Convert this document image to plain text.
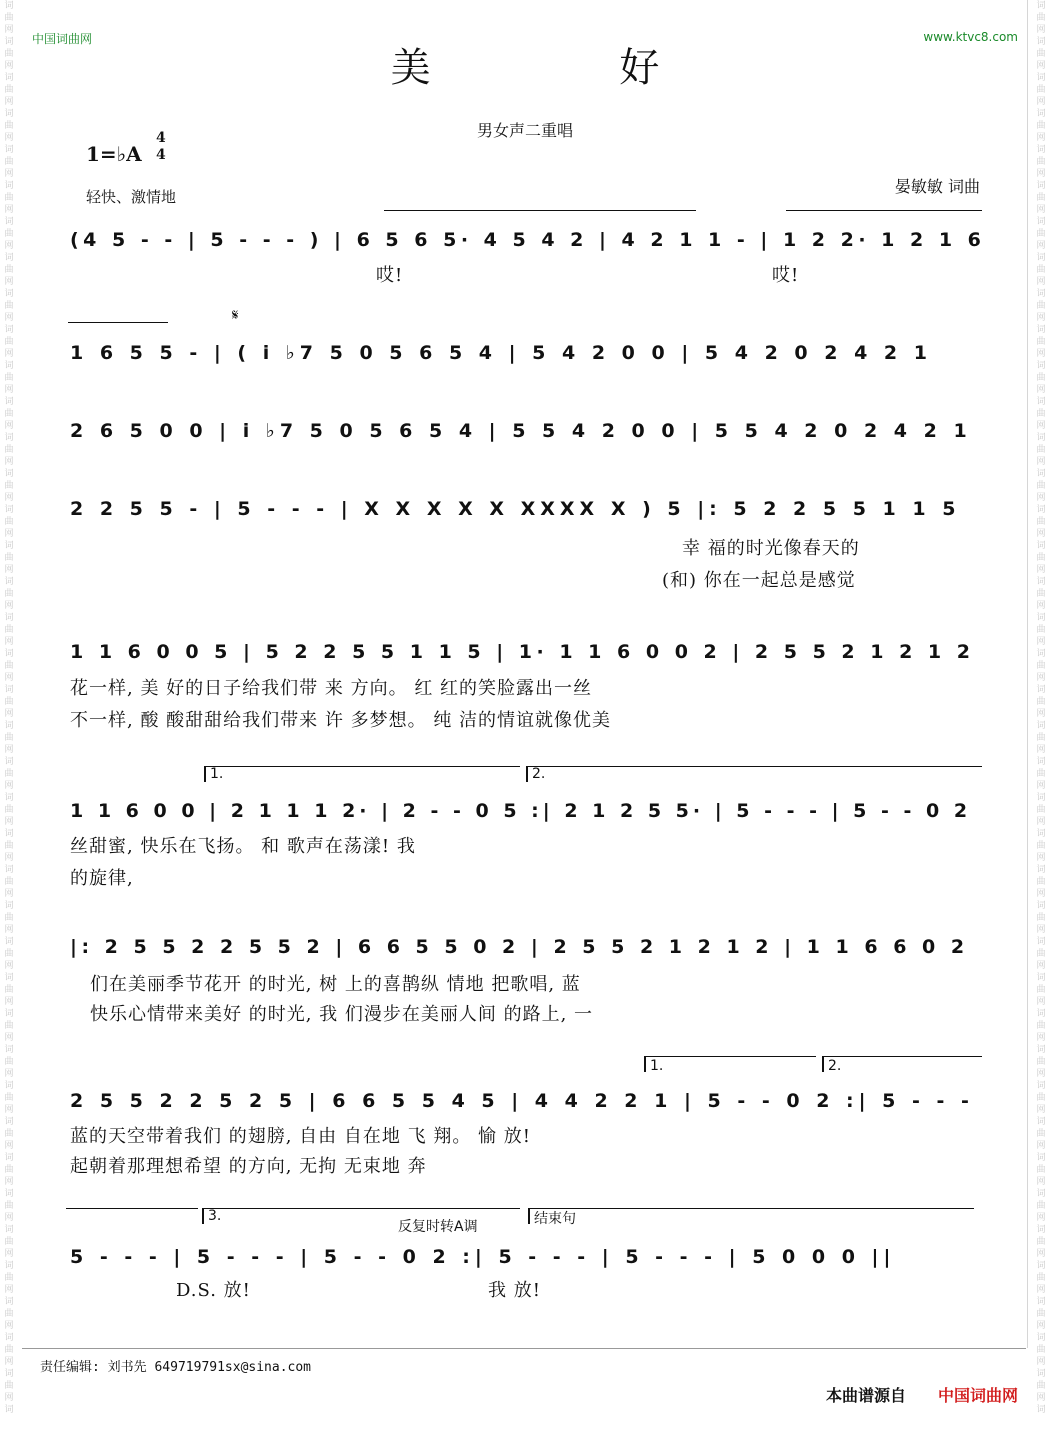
词
曲
网
词
曲
网
词
曲
网
词
曲
网
词
曲
网
词
曲
网
词
曲
网
词
曲
网
词
曲
网
词
曲
网
词
曲
网
词
曲
网
词
曲
网
词
曲
网
词
曲
网
词
曲
网
词
曲
网
词
曲
网
词
曲
网
词
曲
网
词
曲
网
词
曲
网
词
曲
网
词
曲
网
词
曲
网
词
曲
网
词
曲
网
词
曲
网
词
曲
网
词
曲
网
词
曲
网
词
曲
网
词
曲
网
词
曲
网
词
曲
网
词
曲
网
词
曲
网
词
曲
网
词
曲
网
词
词
曲
网
词
曲
网
词
曲
网
词
曲
网
词
曲
网
词
曲
网
词
曲
网
词
曲
网
词
曲
网
词
曲
网
词
曲
网
词
曲
网
词
曲
网
词
曲
网
词
曲
网
词
曲
网
词
曲
网
词
曲
网
词
曲
网
词
曲
网
词
曲
网
词
曲
网
词
曲
网
词
曲
网
词
曲
网
词
曲
网
词
曲
网
词
曲
网
词
曲
网
词
曲
网
词
曲
网
词
曲
网
词
曲
网
词
曲
网
词
曲
网
词
曲
网
词
曲
网
词
曲
网
词
曲
网
词
中国词曲网	www.ktvc8.com
美 好
男女声二重唱
1=♭A
4
4
轻快、激情地
晏敏敏 词曲
(4 5 - - | 5 - - - ) | 6 5 6 5· 4 5 4 2 | 4 2 1 1 - | 1 2 2· 1 2 1 6
哎!	哎!
1 6 5 5 - | ( i ♭7 5 0 5 6 5 4 | 5 4 2 0 0 | 5 4 2 0 2 4 2 1
𝄋
2 6 5 0 0 | i ♭7 5 0 5 6 5 4 | 5 5 4 2 0 0 | 5 5 4 2 0 2 4 2 1
2 2 5 5 - | 5 - - - | X X X X X XXXX X ) 5 |: 5 2 2 5 5 1 1 5
幸 福的时光像春天的
(和) 你在一起总是感觉
1 1 6 0 0 5 | 5 2 2 5 5 1 1 5 | 1· 1 1 6 0 0 2 | 2 5 5 2 1 2 1 2
花一样, 美 好的日子给我们带 来 方向。 红 红的笑脸露出一丝
不一样, 酸 酸甜甜给我们带来 许 多梦想。 纯 洁的情谊就像优美
1.	2.
1 1 6 0 0 | 2 1 1 1 2· | 2 - - 0 5 :| 2 1 2 5 5· | 5 - - - | 5 - - 0 2
丝甜蜜, 快乐在飞扬。 和 歌声在荡漾! 我
的旋律,
|: 2 5 5 2 2 5 5 2 | 6 6 5 5 0 2 | 2 5 5 2 1 2 1 2 | 1 1 6 6 0 2
们在美丽季节花开 的时光, 树 上的喜鹊纵 情地 把歌唱, 蓝
快乐心情带来美好 的时光, 我 们漫步在美丽人间 的路上, 一
1.	2.
2 5 5 2 2 5 2 5 | 6 6 5 5 4 5 | 4 4 2 2 1 | 5 - - 0 2 :| 5 - - -
蓝的天空带着我们 的翅膀, 自由 自在地 飞 翔。 愉 放!
起朝着那理想希望 的方向, 无拘 无束地 奔
3.
反复时转A调	结束句
5 - - - | 5 - - - | 5 - - 0 2 :| 5 - - - | 5 - - - | 5 0 0 0 ||
D.S. 放!	我 放!
责任编辑: 刘书先 649719791sx@sina.com
本曲谱源自 中国词曲网
